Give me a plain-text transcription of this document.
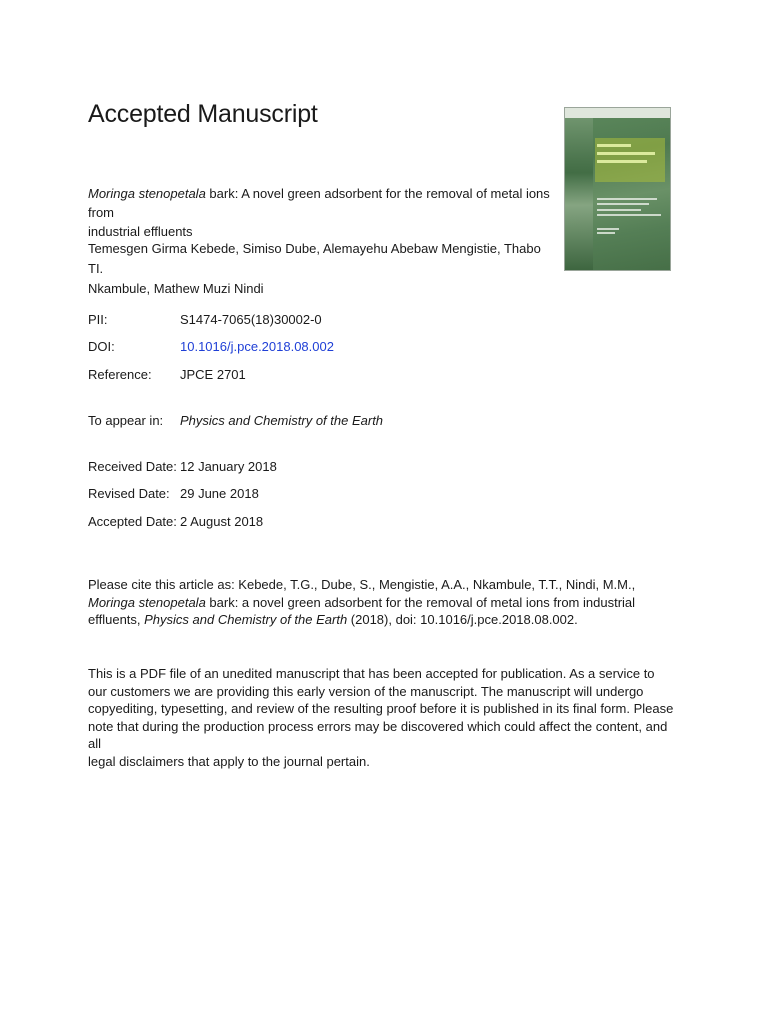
Accepted Manuscript
Moringa stenopetala bark: A novel green adsorbent for the removal of metal ions from
industrial effluents
Temesgen Girma Kebede, Simiso Dube, Alemayehu Abebaw Mengistie, Thabo TI.
Nkambule, Mathew Muzi Nindi
PII:	S1474-7065(18)30002-0
DOI:	10.1016/j.pce.2018.08.002
Reference: JPCE 2701
To appear in: Physics and Chemistry of the Earth
Received Date: 12 January 2018
Revised Date: 29 June 2018
Accepted Date: 2 August 2018
Please cite this article as: Kebede, T.G., Dube, S., Mengistie, A.A., Nkambule, T.T., Nindi, M.M.,
Moringa stenopetala bark: a novel green adsorbent for the removal of metal ions from industrial
effluents, Physics and Chemistry of the Earth (2018), doi: 10.1016/j.pce.2018.08.002.
This is a PDF file of an unedited manuscript that has been accepted for publication. As a service to
our customers we are providing this early version of the manuscript. The manuscript will undergo
copyediting, typesetting, and review of the resulting proof before it is published in its final form. Please
note that during the production process errors may be discovered which could affect the content, and all
legal disclaimers that apply to the journal pertain.
